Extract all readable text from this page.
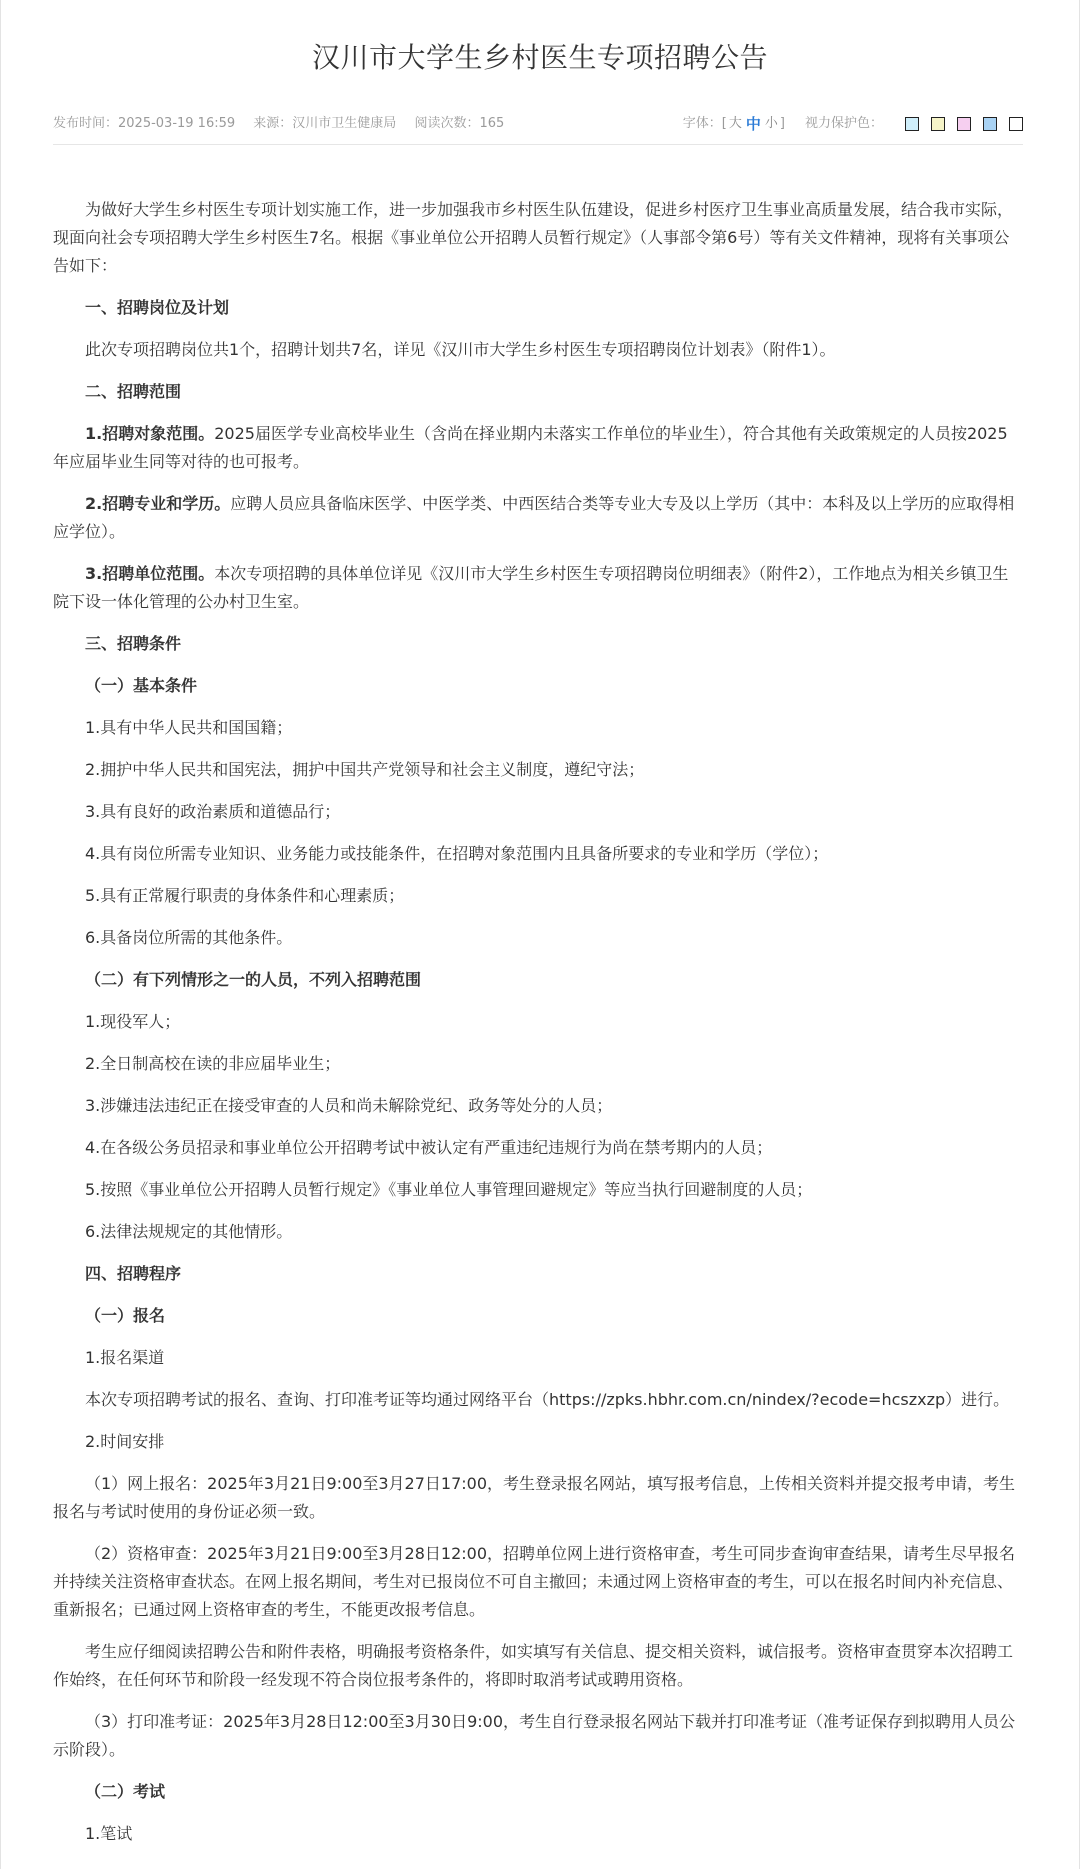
汉川市大学生乡村医生专项招聘公告
发布时间：2025-03-19 16:59 来源：汉川市卫生健康局 阅读次数：165	字体： [ 大 中 小 ] 视力保护色：

为做好大学生乡村医生专项计划实施工作，进一步加强我市乡村医生队伍建设，促进乡村医疗卫生事业高质量发展，结合我市实际，现面向社会专项招聘大学生乡村医生7名。根据《事业单位公开招聘人员暂行规定》（人事部令第6号）等有关文件精神，现将有关事项公告如下：

一、招聘岗位及计划

此次专项招聘岗位共1个，招聘计划共7名，详见《汉川市大学生乡村医生专项招聘岗位计划表》（附件1）。

二、招聘范围

1.招聘对象范围。2025届医学专业高校毕业生（含尚在择业期内未落实工作单位的毕业生），符合其他有关政策规定的人员按2025年应届毕业生同等对待的也可报考。

2.招聘专业和学历。应聘人员应具备临床医学、中医学类、中西医结合类等专业大专及以上学历（其中：本科及以上学历的应取得相应学位）。

3.招聘单位范围。本次专项招聘的具体单位详见《汉川市大学生乡村医生专项招聘岗位明细表》（附件2），工作地点为相关乡镇卫生院下设一体化管理的公办村卫生室。

三、招聘条件

（一）基本条件

1.具有中华人民共和国国籍；

2.拥护中华人民共和国宪法，拥护中国共产党领导和社会主义制度，遵纪守法；

3.具有良好的政治素质和道德品行；

4.具有岗位所需专业知识、业务能力或技能条件，在招聘对象范围内且具备所要求的专业和学历（学位）；

5.具有正常履行职责的身体条件和心理素质；

6.具备岗位所需的其他条件。

（二）有下列情形之一的人员，不列入招聘范围

1.现役军人；

2.全日制高校在读的非应届毕业生；

3.涉嫌违法违纪正在接受审查的人员和尚未解除党纪、政务等处分的人员；

4.在各级公务员招录和事业单位公开招聘考试中被认定有严重违纪违规行为尚在禁考期内的人员；

5.按照《事业单位公开招聘人员暂行规定》《事业单位人事管理回避规定》等应当执行回避制度的人员；

6.法律法规规定的其他情形。

四、招聘程序

（一）报名

1.报名渠道

本次专项招聘考试的报名、查询、打印准考证等均通过网络平台（https://zpks.hbhr.com.cn/nindex/?ecode=hcszxzp）进行。

2.时间安排

（1）网上报名：2025年3月21日9:00至3月27日17:00，考生登录报名网站，填写报考信息，上传相关资料并提交报考申请，考生报名与考试时使用的身份证必须一致。

（2）资格审查：2025年3月21日9:00至3月28日12:00，招聘单位网上进行资格审查，考生可同步查询审查结果，请考生尽早报名并持续关注资格审查状态。在网上报名期间，考生对已报岗位不可自主撤回；未通过网上资格审查的考生，可以在报名时间内补充信息、重新报名；已通过网上资格审查的考生，不能更改报考信息。

考生应仔细阅读招聘公告和附件表格，明确报考资格条件，如实填写有关信息、提交相关资料，诚信报考。资格审查贯穿本次招聘工作始终，在任何环节和阶段一经发现不符合岗位报考条件的，将即时取消考试或聘用资格。

（3）打印准考证：2025年3月28日12:00至3月30日9:00，考生自行登录报名网站下载并打印准考证（准考证保存到拟聘用人员公示阶段）。

（二）考试

1.笔试
